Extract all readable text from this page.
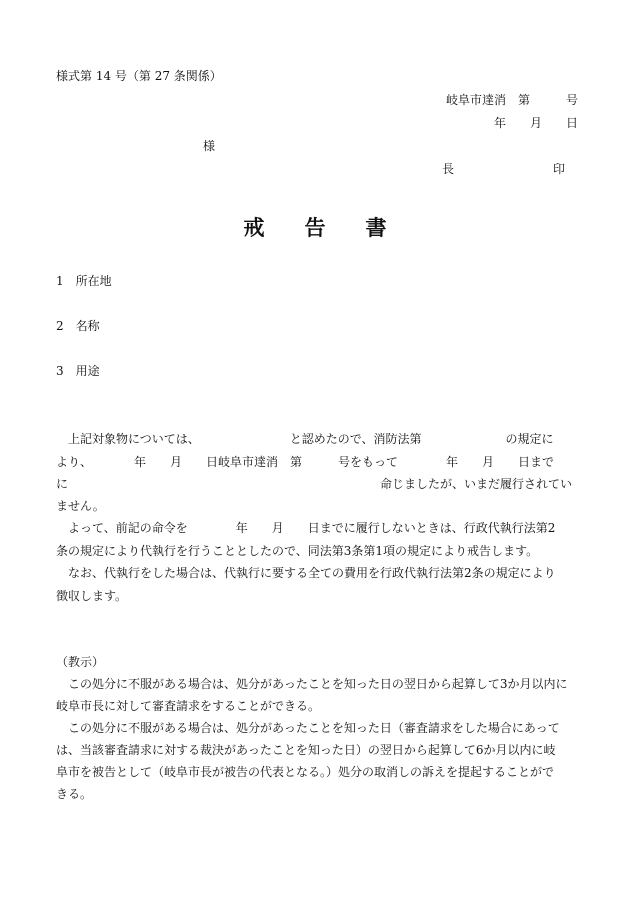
様式第 14 号（第 27 条関係）
岐阜市達消　第　　　号
年　　月　　日
様
長	印
戒告書
1　所在地
2　名称
3　用途
上記対象物については、　　　　　　　　と認めたので、消防法第　　　　　　　の規定に
より、　　　　年　　月　　日岐阜市達消　第　　　号をもって　　　　年　　月　　日まで
に　　　　　　　　　　　　　　　　　　　　　　　　　　命じましたが、いまだ履行されてい
ません。
よって、前記の命令を　　　　年　　月　　日までに履行しないときは、行政代執行法第2
条の規定により代執行を行うこととしたので、同法第3条第1項の規定により戒告します。
なお、代執行をした場合は、代執行に要する全ての費用を行政代執行法第2条の規定により
徴収します。
（教示）
この処分に不服がある場合は、処分があったことを知った日の翌日から起算して3か月以内に
岐阜市長に対して審査請求をすることができる。
この処分に不服がある場合は、処分があったことを知った日（審査請求をした場合にあって
は、当該審査請求に対する裁決があったことを知った日）の翌日から起算して6か月以内に岐
阜市を被告として（岐阜市長が被告の代表となる。）処分の取消しの訴えを提起することがで
きる。
